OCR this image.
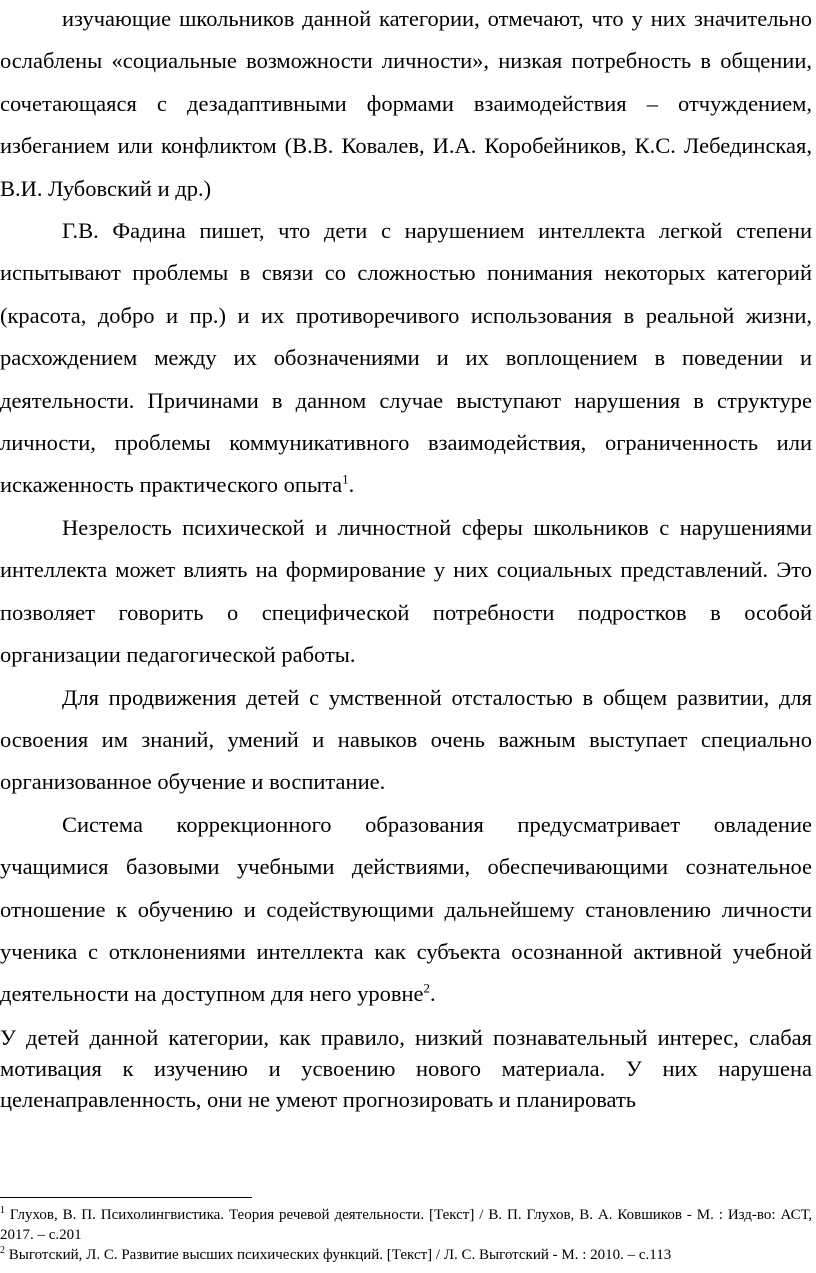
изучающие школьников данной категории, отмечают, что у них значительно ослаблены «социальные возможности личности», низкая потребность в общении, сочетающаяся с дезадаптивными формами взаимодействия – отчуждением, избеганием или конфликтом (В.В. Ковалев, И.А. Коробейников, К.С. Лебединская, В.И. Лубовский и др.)

Г.В. Фадина пишет, что дети с нарушением интеллекта легкой степени испытывают проблемы в связи со сложностью понимания некоторых категорий (красота, добро и пр.) и их противоречивого использования в реальной жизни, расхождением между их обозначениями и их воплощением в поведении и деятельности. Причинами в данном случае выступают нарушения в структуре личности, проблемы коммуникативного взаимодействия, ограниченность или искаженность практического опыта$^1$.

Незрелость психической и личностной сферы школьников с нарушениями интеллекта может влиять на формирование у них социальных представлений. Это позволяет говорить о специфической потребности подростков в особой организации педагогической работы.

Для продвижения детей с умственной отсталостью в общем развитии, для освоения им знаний, умений и навыков очень важным выступает специально организованное обучение и воспитание.

Система коррекционного образования предусматривает овладение учащимися базовыми учебными действиями, обеспечивающими сознательное отношение к обучению и содействующими дальнейшему становлению личности ученика с отклонениями интеллекта как субъекта осознанной активной учебной деятельности на доступном для него уровне$^2$.

У детей данной категории, как правило, низкий познавательный интерес, слабая мотивация к изучению и усвоению нового материала. У них нарушена целенаправленность, они не умеют прогнозировать и планировать

$^1$ Глухов, В. П. Психолингвистика. Теория речевой деятельности. [Текст] / В. П. Глухов, В. А. Ковшиков - М. : Изд-во: АСТ, 2017. – с.201

$^2$ Выготский, Л. С. Развитие высших психических функций. [Текст] / Л. С. Выготский - М. : 2010. – с.113
